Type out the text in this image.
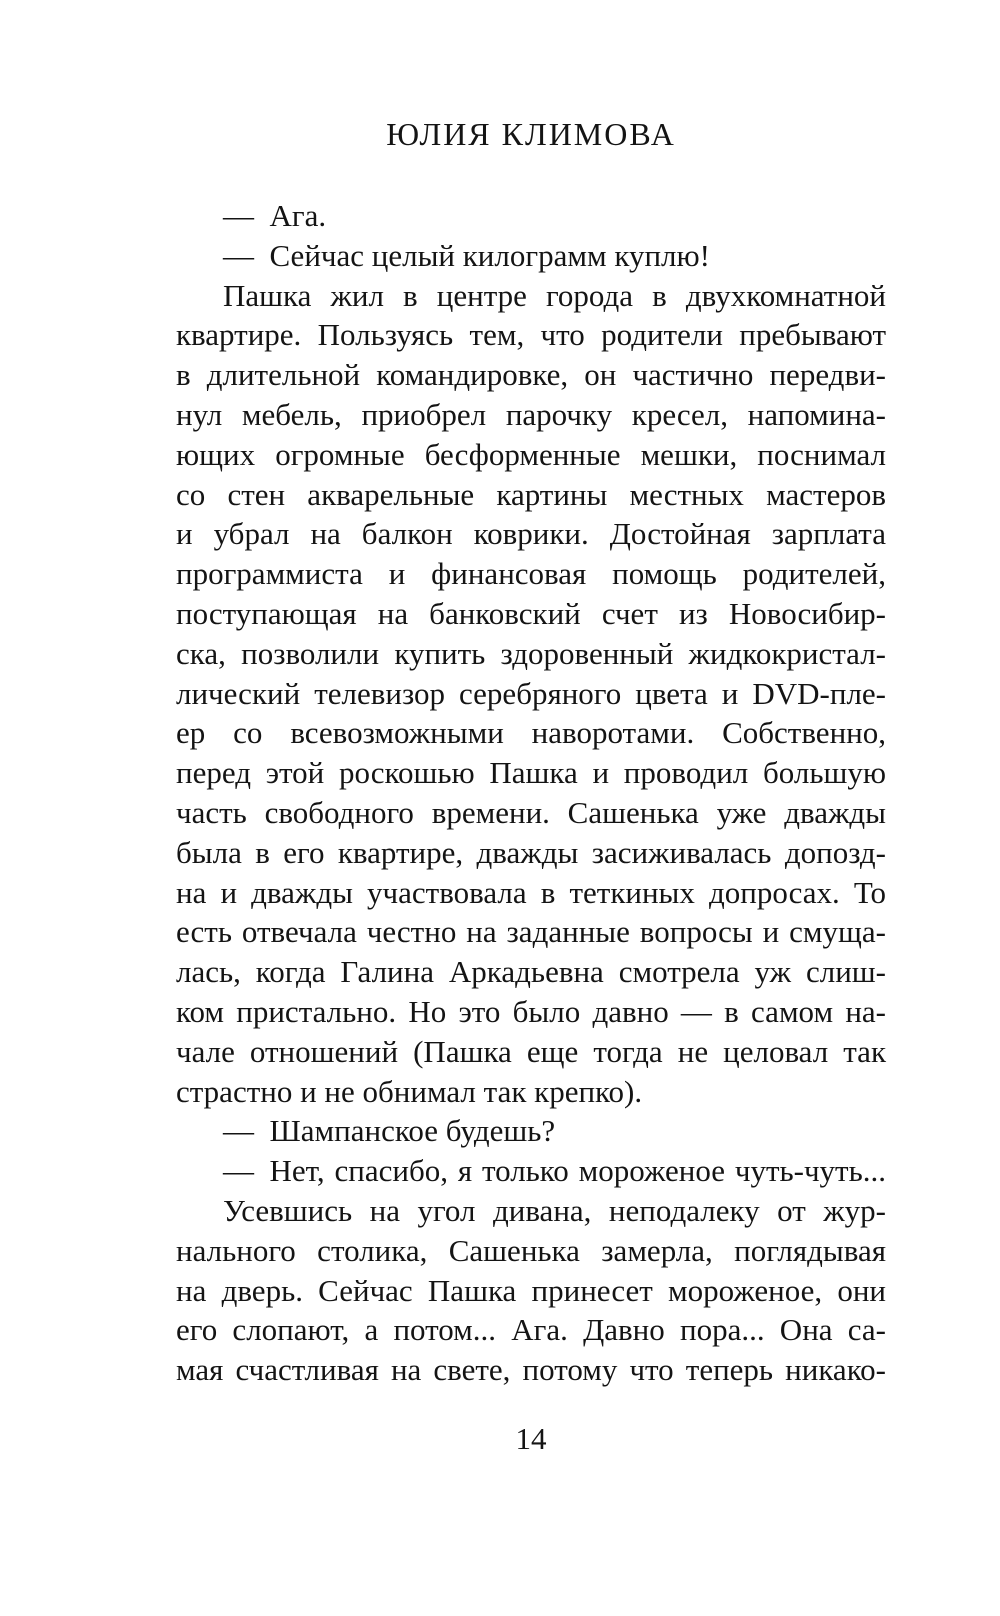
ЮЛИЯ КЛИМОВА
— Ага.
— Сейчас целый килограмм куплю!
Пашка жил в центре города в двухкомнатной
квартире. Пользуясь тем, что родители пребывают
в длительной командировке, он частично передви-
нул мебель, приобрел парочку кресел, напомина-
ющих огромные бесформенные мешки, поснимал
со стен акварельные картины местных мастеров
и убрал на балкон коврики. Достойная зарплата
программиста и финансовая помощь родителей,
поступающая на банковский счет из Новосибир-
ска, позволили купить здоровенный жидкокристал-
лический телевизор серебряного цвета и DVD-пле-
ер со всевозможными наворотами. Собственно,
перед этой роскошью Пашка и проводил большую
часть свободного времени. Сашенька уже дважды
была в его квартире, дважды засиживалась допозд-
на и дважды участвовала в теткиных допросах. То
есть отвечала честно на заданные вопросы и смуща-
лась, когда Галина Аркадьевна смотрела уж слиш-
ком пристально. Но это было давно — в самом на-
чале отношений (Пашка еще тогда не целовал так
страстно и не обнимал так крепко).
— Шампанское будешь?
— Нет, спасибо, я только мороженое чуть-чуть...
Усевшись на угол дивана, неподалеку от жур-
нального столика, Сашенька замерла, поглядывая
на дверь. Сейчас Пашка принесет мороженое, они
его слопают, а потом... Ага. Давно пора... Она са-
мая счастливая на свете, потому что теперь никако-
14
